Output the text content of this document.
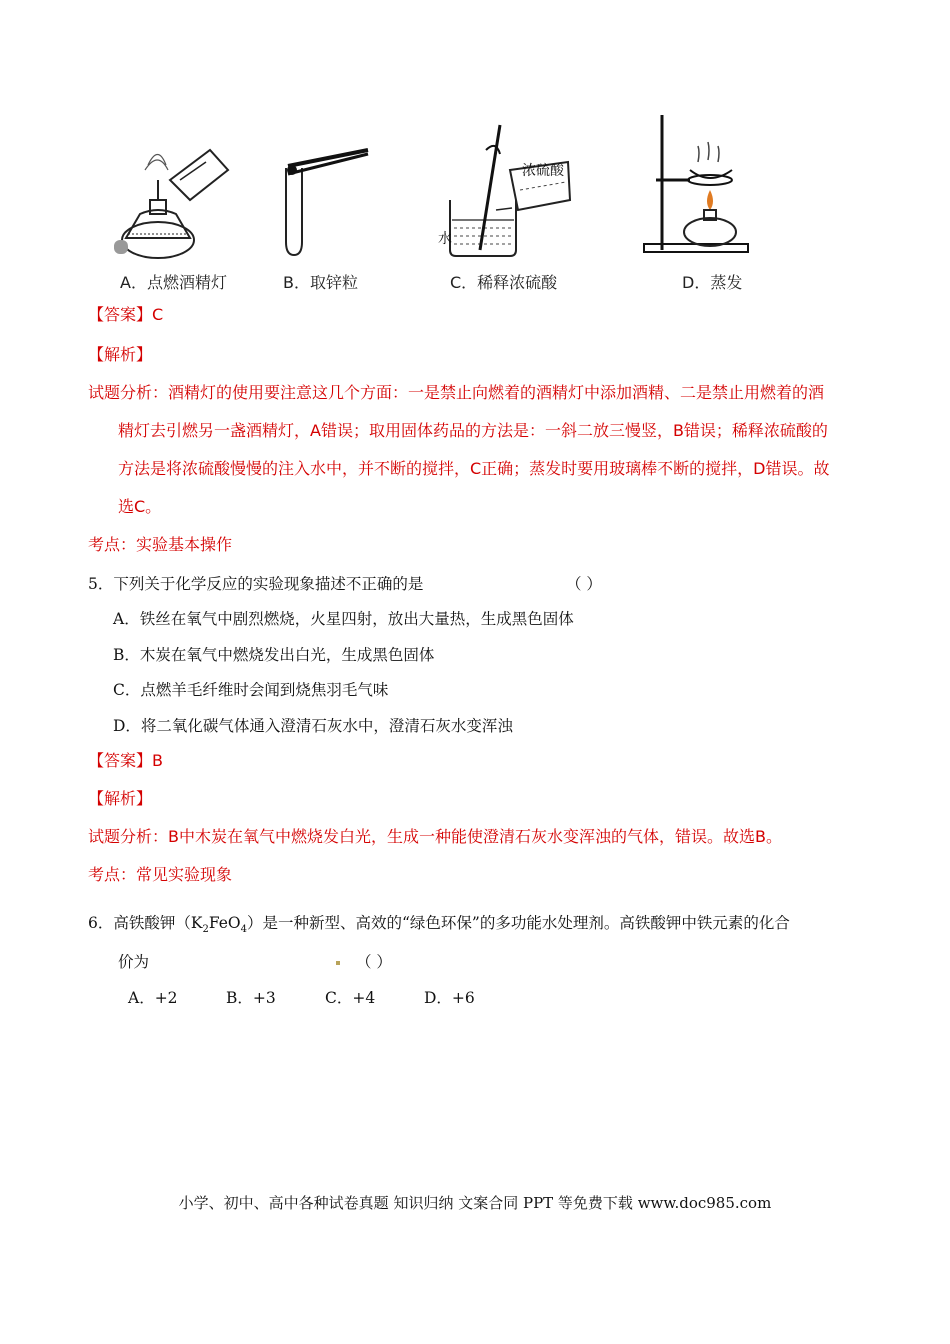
浓硫酸
水
A．点燃酒精灯	B．取锌粒	C．稀释浓硫酸	D．蒸发
【答案】C
【解析】
试题分析：酒精灯的使用要注意这几个方面：一是禁止向燃着的酒精灯中添加酒精、二是禁止用燃着的酒
精灯去引燃另一盏酒精灯，A错误；取用固体药品的方法是：一斜二放三慢竖，B错误；稀释浓硫酸的
方法是将浓硫酸慢慢的注入水中，并不断的搅拌，C正确；蒸发时要用玻璃棒不断的搅拌，D错误。故
选C。
考点：实验基本操作
5．下列关于化学反应的实验现象描述不正确的是	（ ）
A．铁丝在氧气中剧烈燃烧，火星四射，放出大量热，生成黑色固体
B．木炭在氧气中燃烧发出白光，生成黑色固体
C．点燃羊毛纤维时会闻到烧焦羽毛气味
D．将二氧化碳气体通入澄清石灰水中，澄清石灰水变浑浊
【答案】B
【解析】
试题分析：B中木炭在氧气中燃烧发白光，生成一种能使澄清石灰水变浑浊的气体，错误。故选B。
考点：常见实验现象
6．高铁酸钾$(K_2FeO_4)$是一种新型、高效的“绿色环保”的多功能水处理剂。高铁酸钾中铁元素的化合
价为	（ ）
A．+2	B．+3	C．+4	D．+6
小学、初中、高中各种试卷真题 知识归纳 文案合同 PPT 等免费下载 www.doc985.com
